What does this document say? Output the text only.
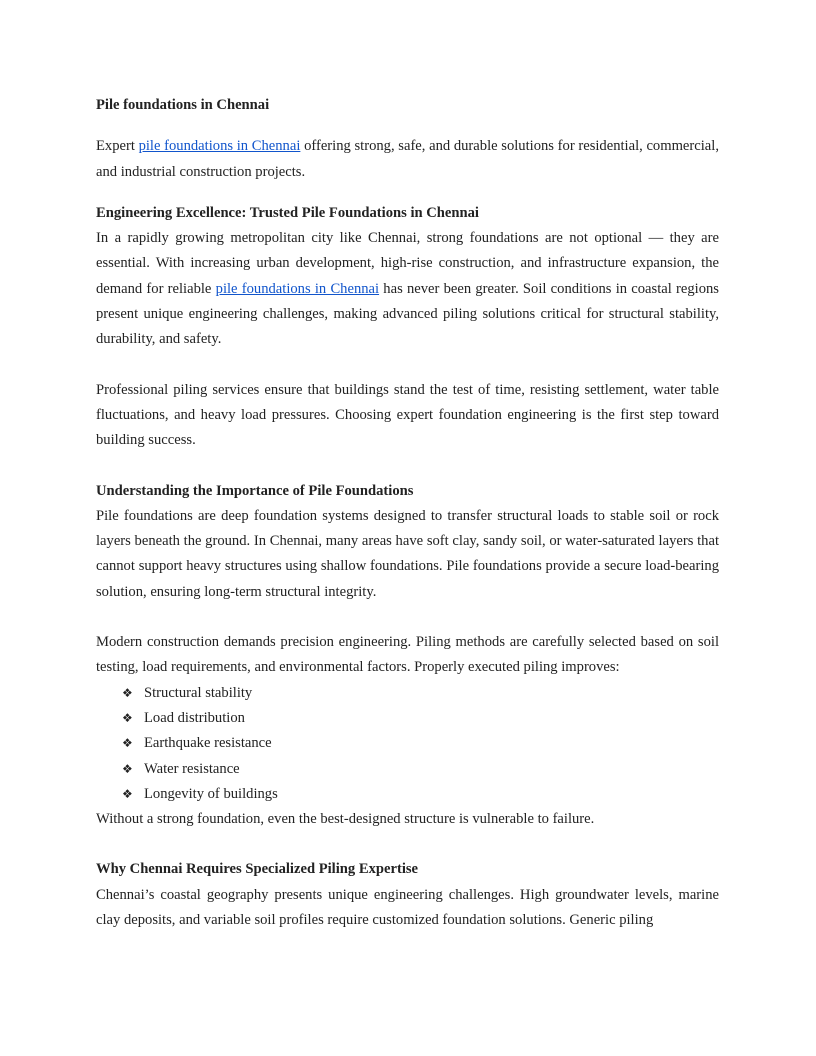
Pile foundations in Chennai

Expert pile foundations in Chennai offering strong, safe, and durable solutions for residential, commercial, and industrial construction projects.

Engineering Excellence: Trusted Pile Foundations in Chennai

In a rapidly growing metropolitan city like Chennai, strong foundations are not optional — they are essential. With increasing urban development, high-rise construction, and infrastructure expansion, the demand for reliable pile foundations in Chennai has never been greater. Soil conditions in coastal regions present unique engineering challenges, making advanced piling solutions critical for structural stability, durability, and safety.

Professional piling services ensure that buildings stand the test of time, resisting settlement, water table fluctuations, and heavy load pressures. Choosing expert foundation engineering is the first step toward building success.

Understanding the Importance of Pile Foundations

Pile foundations are deep foundation systems designed to transfer structural loads to stable soil or rock layers beneath the ground. In Chennai, many areas have soft clay, sandy soil, or water-saturated layers that cannot support heavy structures using shallow foundations. Pile foundations provide a secure load-bearing solution, ensuring long-term structural integrity.

Modern construction demands precision engineering. Piling methods are carefully selected based on soil testing, load requirements, and environmental factors. Properly executed piling improves:

❖ Structural stability
❖ Load distribution
❖ Earthquake resistance
❖ Water resistance
❖ Longevity of buildings

Without a strong foundation, even the best-designed structure is vulnerable to failure.

Why Chennai Requires Specialized Piling Expertise

Chennai’s coastal geography presents unique engineering challenges. High groundwater levels, marine clay deposits, and variable soil profiles require customized foundation solutions. Generic piling
